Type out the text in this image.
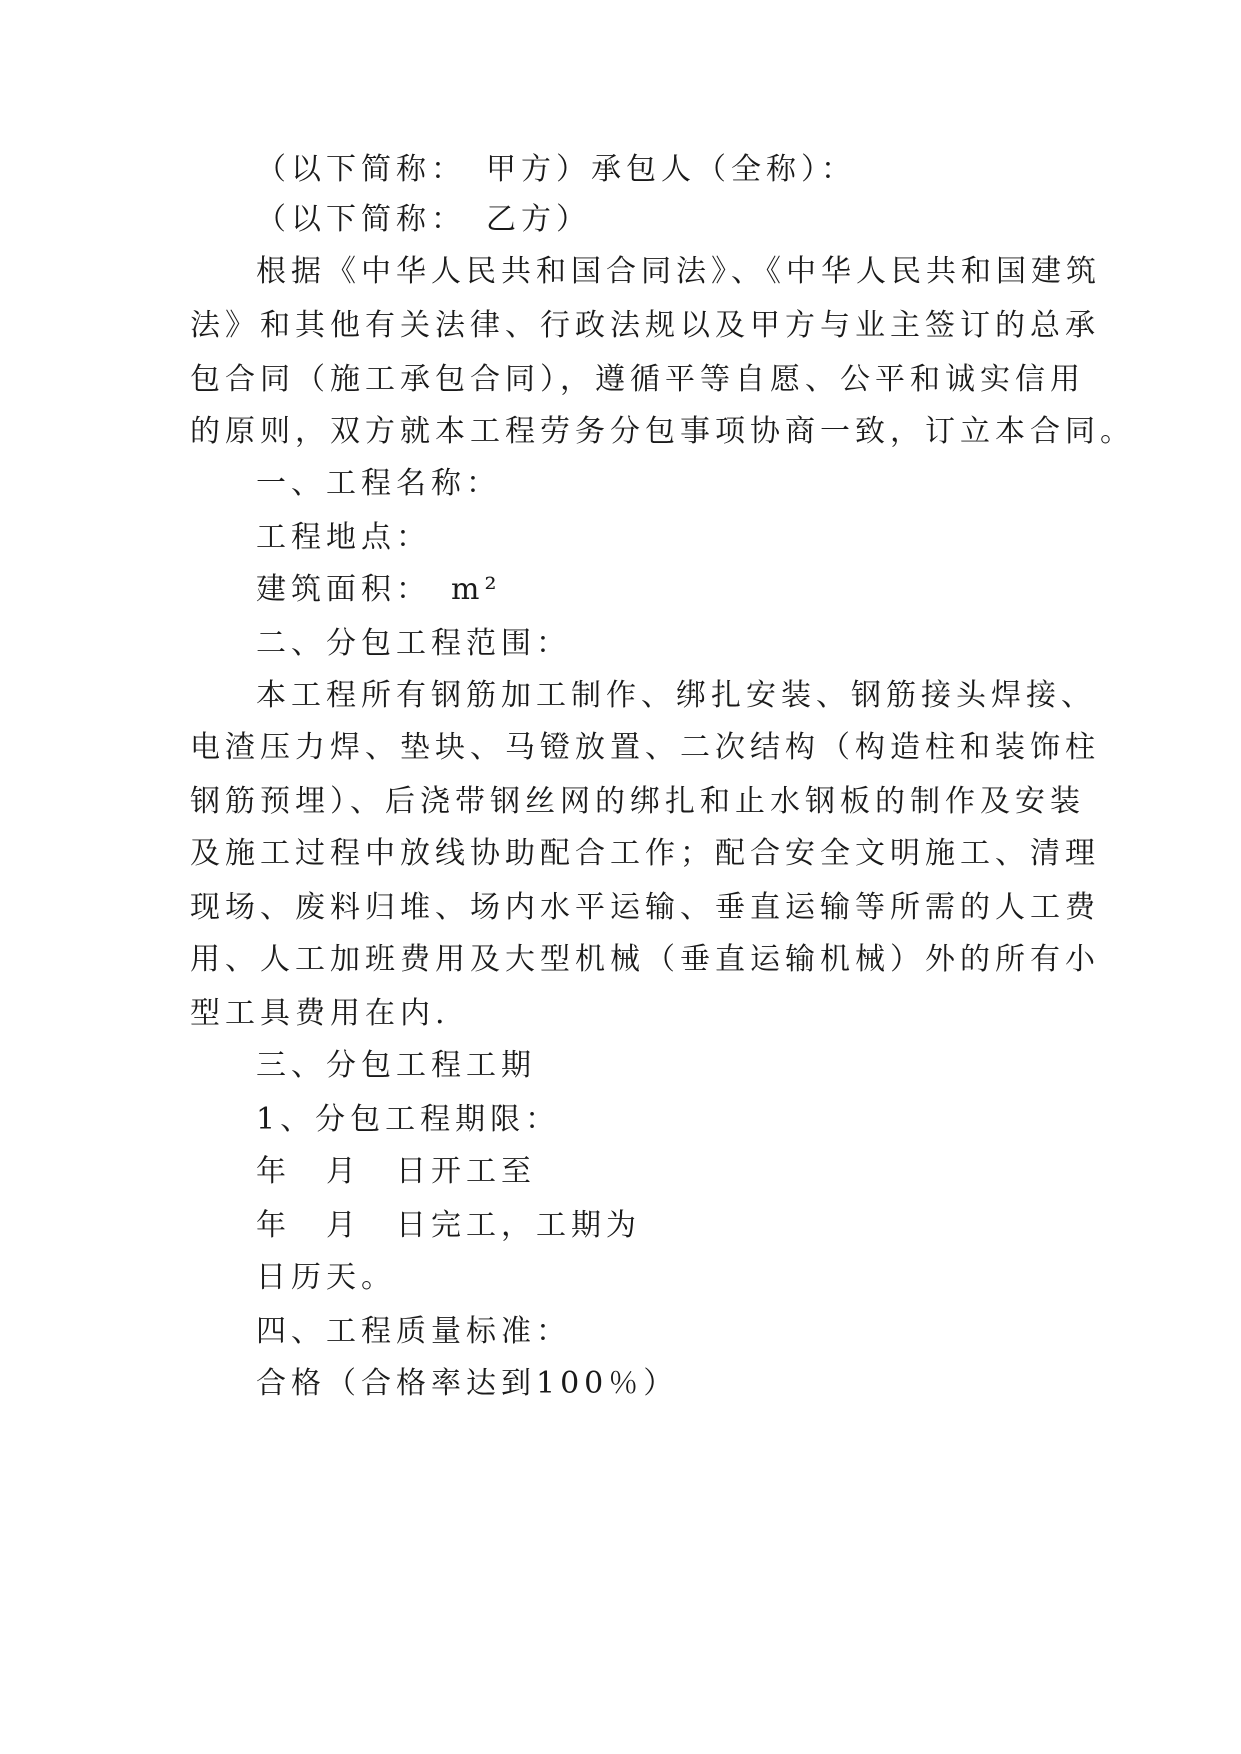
（以下简称：　甲方）承包人（全称）：
（以下简称：　乙方）
根据《中华人民共和国合同法》、《中华人民共和国建筑
法》和其他有关法律、行政法规以及甲方与业主签订的总承
包合同（施工承包合同），遵循平等自愿、公平和诚实信用
的原则，双方就本工程劳务分包事项协商一致，订立本合同。
一、工程名称：
工程地点：
建筑面积：　m²
二、分包工程范围：
本工程所有钢筋加工制作、绑扎安装、钢筋接头焊接、
电渣压力焊、垫块、马镫放置、二次结构（构造柱和装饰柱
钢筋预埋）、后浇带钢丝网的绑扎和止水钢板的制作及安装
及施工过程中放线协助配合工作；配合安全文明施工、清理
现场、废料归堆、场内水平运输、垂直运输等所需的人工费
用、人工加班费用及大型机械（垂直运输机械）外的所有小
型工具费用在内.
三、分包工程工期
1、分包工程期限：
年　月　日开工至
年　月　日完工，工期为
日历天。
四、工程质量标准：
合格（合格率达到100％）
